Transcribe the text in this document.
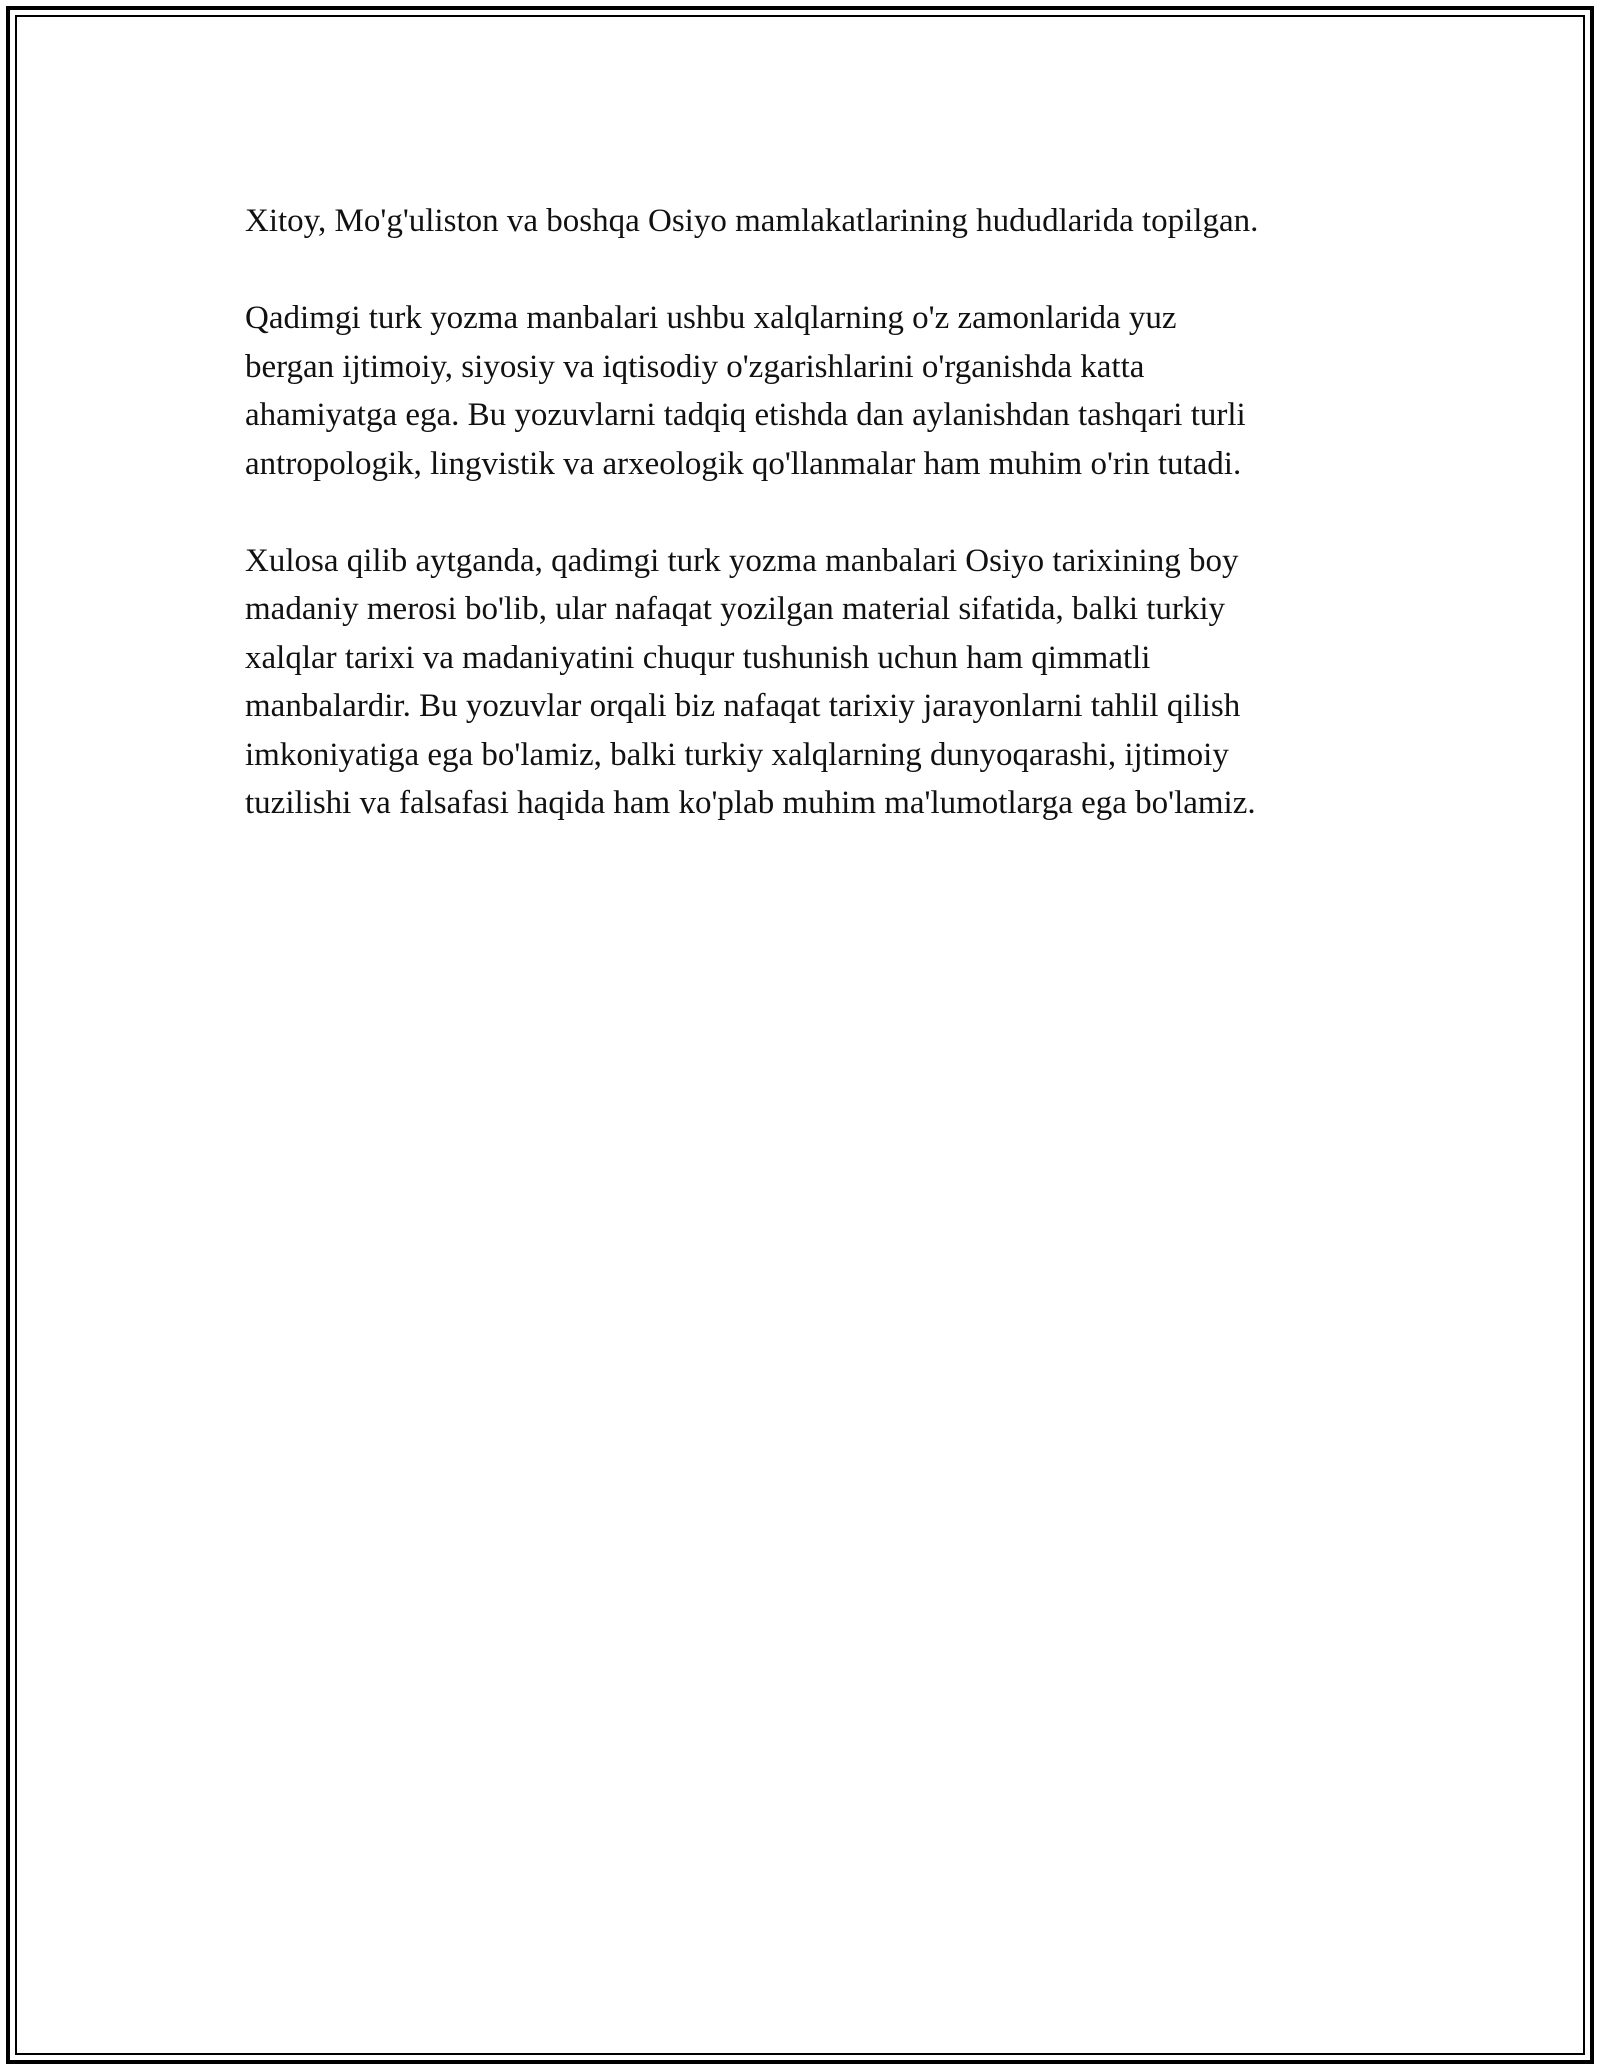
Xitoy, Mo'g'uliston va boshqa Osiyo mamlakatlarining hududlarida topilgan.

Qadimgi turk yozma manbalari ushbu xalqlarning o'z zamonlarida yuz
bergan ijtimoiy, siyosiy va iqtisodiy o'zgarishlarini o'rganishda katta
ahamiyatga ega. Bu yozuvlarni tadqiq etishda dan aylanishdan tashqari turli
antropologik, lingvistik va arxeologik qo'llanmalar ham muhim o'rin tutadi.

Xulosa qilib aytganda, qadimgi turk yozma manbalari Osiyo tarixining boy
madaniy merosi bo'lib, ular nafaqat yozilgan material sifatida, balki turkiy
xalqlar tarixi va madaniyatini chuqur tushunish uchun ham qimmatli
manbalardir. Bu yozuvlar orqali biz nafaqat tarixiy jarayonlarni tahlil qilish
imkoniyatiga ega bo'lamiz, balki turkiy xalqlarning dunyoqarashi, ijtimoiy
tuzilishi va falsafasi haqida ham ko'plab muhim ma'lumotlarga ega bo'lamiz.
